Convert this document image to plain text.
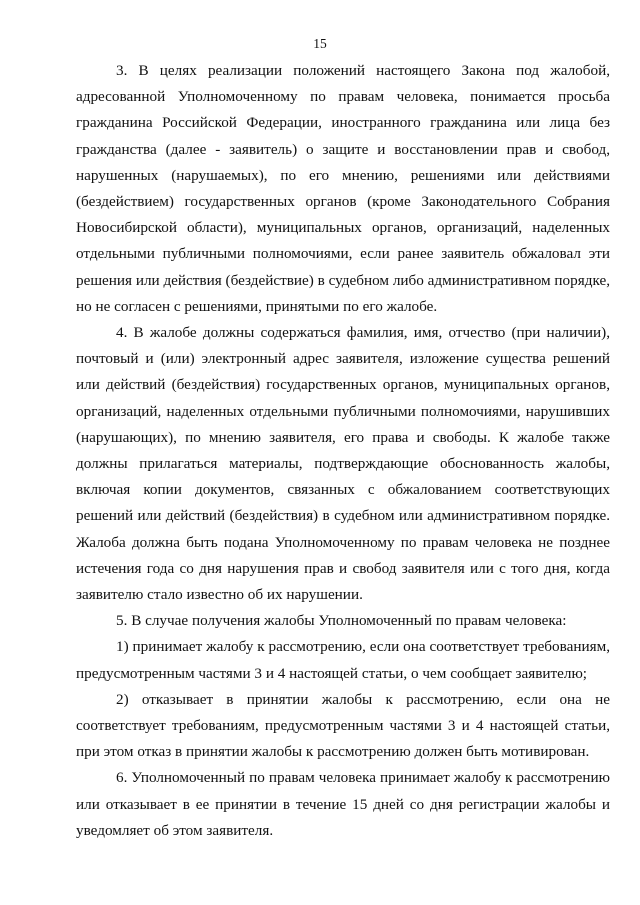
15

3. В целях реализации положений настоящего Закона под жалобой, адресованной Уполномоченному по правам человека, понимается просьба гражданина Российской Федерации, иностранного гражданина или лица без гражданства (далее - заявитель) о защите и восстановлении прав и свобод, нарушенных (нарушаемых), по его мнению, решениями или действиями (бездействием) государственных органов (кроме Законодательного Собрания Новосибирской области), муниципальных органов, организаций, наделенных отдельными публичными полномочиями, если ранее заявитель обжаловал эти решения или действия (бездействие) в судебном либо административном порядке, но не согласен с решениями, принятыми по его жалобе.

4. В жалобе должны содержаться фамилия, имя, отчество (при наличии), почтовый и (или) электронный адрес заявителя, изложение существа решений или действий (бездействия) государственных органов, муниципальных органов, организаций, наделенных отдельными публичными полномочиями, нарушивших (нарушающих), по мнению заявителя, его права и свободы. К жалобе также должны прилагаться материалы, подтверждающие обоснованность жалобы, включая копии документов, связанных с обжалованием соответствующих решений или действий (бездействия) в судебном или административном порядке. Жалоба должна быть подана Уполномоченному по правам человека не позднее истечения года со дня нарушения прав и свобод заявителя или с того дня, когда заявителю стало известно об их нарушении.

5. В случае получения жалобы Уполномоченный по правам человека:

1) принимает жалобу к рассмотрению, если она соответствует требованиям, предусмотренным частями 3 и 4 настоящей статьи, о чем сообщает заявителю;

2) отказывает в принятии жалобы к рассмотрению, если она не соответствует требованиям, предусмотренным частями 3 и 4 настоящей статьи, при этом отказ в принятии жалобы к рассмотрению должен быть мотивирован.

6. Уполномоченный по правам человека принимает жалобу к рассмотрению или отказывает в ее принятии в течение 15 дней со дня регистрации жалобы и уведомляет об этом заявителя.
